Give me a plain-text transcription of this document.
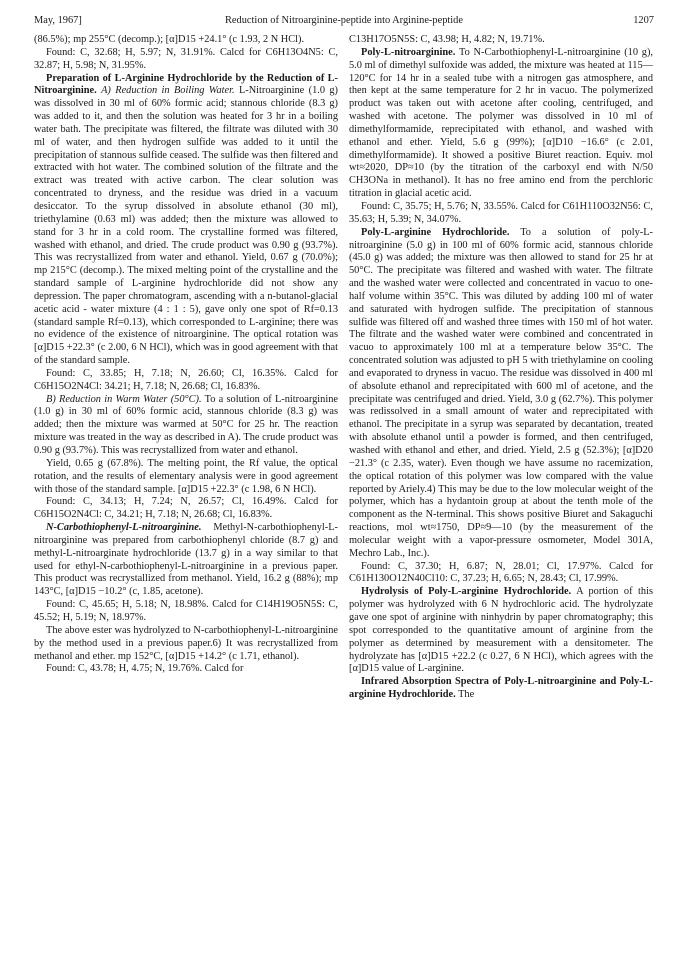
May, 1967]	Reduction of Nitroarginine-peptide into Arginine-peptide	1207

(86.5%); mp 255°C (decomp.); [α]D15 +24.1° (c 1.93, 2 N HCl).

Found: C, 32.68; H, 5.97; N, 31.91%. Calcd for C6H13O4N5: C, 32.87; H, 5.98; N, 31.95%.

Preparation of L-Arginine Hydrochloride by the Reduction of L-Nitroarginine. A) Reduction in Boiling Water. L-Nitroarginine (1.0 g) was dissolved in 30 ml of 60% formic acid; stannous chloride (8.3 g) was added to it, and then the solution was heated for 3 hr in a boiling water bath. The precipitate was filtered, the filtrate was diluted with 30 ml of water, and then hydrogen sulfide was added to it until the precipitation of stannous sulfide ceased. The sulfide was then filtered and extracted with hot water. The combined solution of the filtrate and the extract was treated with active carbon. The clear solution was concentrated to dryness, and the residue was dried in a vacuum desiccator. To the syrup dissolved in absolute ethanol (30 ml), triethylamine (0.63 ml) was added; then the mixture was allowed to stand for 3 hr in a cold room. The crystalline formed was filtered, washed with ethanol, and dried. The crude product was 0.90 g (93.7%). This was recrystallized from water and ethanol. Yield, 0.67 g (70.0%); mp 215°C (decomp.). The mixed melting point of the crystalline and the standard sample of L-arginine hydrochloride did not show any depression. The paper chromatogram, ascending with a n-butanol-glacial acetic acid - water mixture (4 : 1 : 5), gave only one spot of Rf=0.13 (standard sample Rf=0.13), which corresponded to L-arginine; there was no evidence of the existence of nitroarginine. The optical rotation was [α]D15 +22.3° (c 2.00, 6 N HCl), which was in good agreement with that of the standard sample.

Found: C, 33.85; H, 7.18; N, 26.60; Cl, 16.35%. Calcd for C6H15O2N4Cl: 34.21; H, 7.18; N, 26.68; Cl, 16.83%.

B) Reduction in Warm Water (50°C). To a solution of L-nitroarginine (1.0 g) in 30 ml of 60% formic acid, stannous chloride (8.3 g) was added; then the mixture was warmed at 50°C for 25 hr. The reaction mixture was treated in the way as described in A). The crude product was 0.90 g (93.7%). This was recrystallized from water and ethanol.

Yield, 0.65 g (67.8%). The melting point, the Rf value, the optical rotation, and the results of elementary analysis were in good agreement with those of the standard sample. [α]D15 +22.3° (c 1.98, 6 N HCl).

Found: C, 34.13; H, 7.24; N, 26.57; Cl, 16.49%. Calcd for C6H15O2N4Cl: C, 34.21; H, 7.18; N, 26.68; Cl, 16.83%.

N-Carbothiophenyl-L-nitroarginine. Methyl-N-carbothiophenyl-L-nitroarginine was prepared from carbothiophenyl chloride (8.7 g) and methyl-L-nitroarginate hydrochloride (13.7 g) in a way similar to that used for ethyl-N-carbothiophenyl-L-nitroarginine in a previous paper. This product was recrystallized from methanol. Yield, 16.2 g (88%); mp 143°C, [α]D15 −10.2° (c, 1.85, acetone).

Found: C, 45.65; H, 5.18; N, 18.98%. Calcd for C14H19O5N5S: C, 45.52; H, 5.19; N, 18.97%.

The above ester was hydrolyzed to N-carbothiophenyl-L-nitroarginine by the method used in a previous paper.6) It was recrystallized from methanol and ether. mp 152°C, [α]D15 +14.2° (c 1.71, ethanol).

Found: C, 43.78; H, 4.75; N, 19.76%. Calcd for

C13H17O5N5S: C, 43.98; H, 4.82; N, 19.71%.

Poly-L-nitroarginine. To N-Carbothiophenyl-L-nitroarginine (10 g), 5.0 ml of dimethyl sulfoxide was added, the mixture was heated at 115—120°C for 14 hr in a sealed tube with a nitrogen gas atmosphere, and then kept at the same temperature for 2 hr in vacuo. The polymerized product was taken out with acetone after cooling, centrifuged, and washed with acetone. The polymer was dissolved in 10 ml of dimethylformamide, reprecipitated with ethanol, and washed with ethanol and ether. Yield, 5.6 g (99%); [α]D10 −16.6° (c 2.01, dimethylformamide). It showed a positive Biuret reaction. Equiv. mol wt≈2020, DP≈10 (by the titration of the carboxyl end with N/50 CH3ONa in methanol). It has no free amino end from the perchloric titration in glacial acetic acid.

Found: C, 35.75; H, 5.76; N, 33.55%. Calcd for C61H110O32N56: C, 35.63; H, 5.39; N, 34.07%.

Poly-L-arginine Hydrochloride. To a solution of poly-L-nitroarginine (5.0 g) in 100 ml of 60% formic acid, stannous chloride (45.0 g) was added; the mixture was then allowed to stand for 25 hr at 50°C. The precipitate was filtered and washed with water. The filtrate and the washed water were collected and concentrated in vacuo to one-half volume within 35°C. This was diluted by adding 100 ml of water and saturated with hydrogen sulfide. The precipitation of stannous sulfide was filtered off and washed three times with 150 ml of hot water. The filtrate and the washed water were combined and concentrated in vacuo to approximately 100 ml at a temperature below 35°C. The concentrated solution was adjusted to pH 5 with triethylamine on cooling and evaporated to dryness in vacuo. The residue was dissolved in 400 ml of absolute ethanol and reprecipitated with 600 ml of acetone, and the precipitate was centrifuged and dried. Yield, 3.0 g (62.7%). This polymer was redissolved in a small amount of water and reprecipitated with ethanol. The precipitate in a syrup was separated by decantation, treated with absolute ethanol until a powder is formed, and then centrifuged, washed with ethanol and ether, and dried. Yield, 2.5 g (52.3%); [α]D20 −21.3° (c 2.35, water). Even though we have assume no racemization, the optical rotation of this polymer was low compared with the value reported by Ariely.4) This may be due to the low molecular weight of the polymer, which has a hydantoin group at about the tenth mole of the component as the N-terminal. This shows positive Biuret and Sakaguchi reactions, mol wt≈1750, DP≈9—10 (by the measurement of the molecular weight with a vapor-pressure osmometer, Model 301A, Mechro Lab., Inc.).

Found: C, 37.30; H, 6.87; N, 28.01; Cl, 17.97%. Calcd for C61H130O12N40Cl10: C, 37.23; H, 6.65; N, 28.43; Cl, 17.99%.

Hydrolysis of Poly-L-arginine Hydrochloride. A portion of this polymer was hydrolyzed with 6 N hydrochloric acid. The hydrolyzate gave one spot of arginine with ninhydrin by paper chromatography; this spot corresponded to the quantitative amount of arginine from the polymer as determined by measurement with a densitometer. The hydrolyzate has [α]D15 +22.2 (c 0.27, 6 N HCl), which agrees with the [α]D15 value of L-arginine.

Infrared Absorption Spectra of Poly-L-nitroarginine and Poly-L-arginine Hydrochloride. The
